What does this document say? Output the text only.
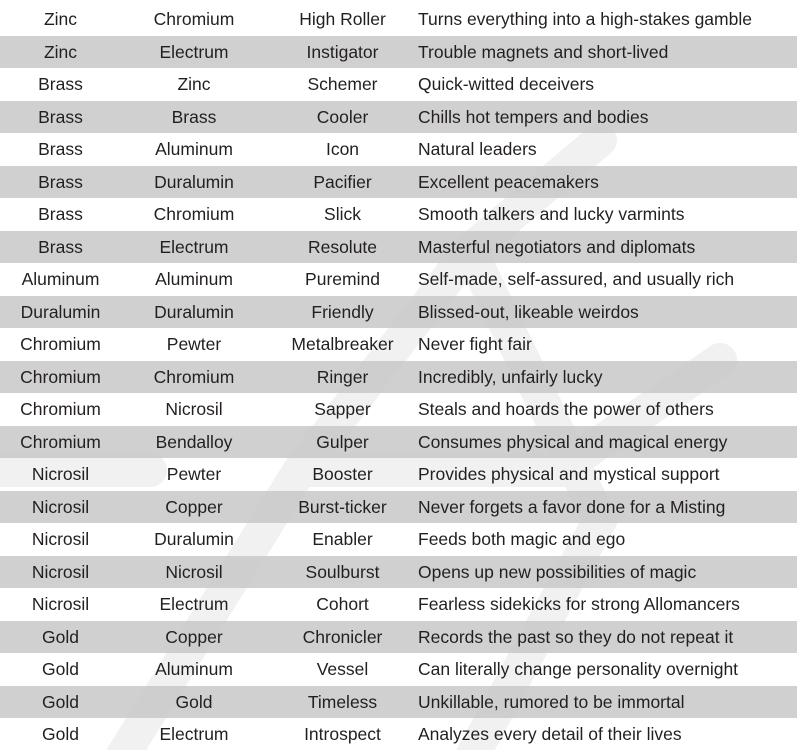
Zinc	Chromium	High Roller	Turns everything into a high-stakes gamble
Zinc	Electrum	Instigator	Trouble magnets and short-lived
Brass	Zinc	Schemer	Quick-witted deceivers
Brass	Brass	Cooler	Chills hot tempers and bodies
Brass	Aluminum	Icon	Natural leaders
Brass	Duralumin	Pacifier	Excellent peacemakers
Brass	Chromium	Slick	Smooth talkers and lucky varmints
Brass	Electrum	Resolute	Masterful negotiators and diplomats
Aluminum	Aluminum	Puremind	Self-made, self-assured, and usually rich
Duralumin	Duralumin	Friendly	Blissed-out, likeable weirdos
Chromium	Pewter	Metalbreaker	Never fight fair
Chromium	Chromium	Ringer	Incredibly, unfairly lucky
Chromium	Nicrosil	Sapper	Steals and hoards the power of others
Chromium	Bendalloy	Gulper	Consumes physical and magical energy
Nicrosil	Pewter	Booster	Provides physical and mystical support
Nicrosil	Copper	Burst-ticker	Never forgets a favor done for a Misting
Nicrosil	Duralumin	Enabler	Feeds both magic and ego
Nicrosil	Nicrosil	Soulburst	Opens up new possibilities of magic
Nicrosil	Electrum	Cohort	Fearless sidekicks for strong Allomancers
Gold	Copper	Chronicler	Records the past so they do not repeat it
Gold	Aluminum	Vessel	Can literally change personality overnight
Gold	Gold	Timeless	Unkillable, rumored to be immortal
Gold	Electrum	Introspect	Analyzes every detail of their lives
